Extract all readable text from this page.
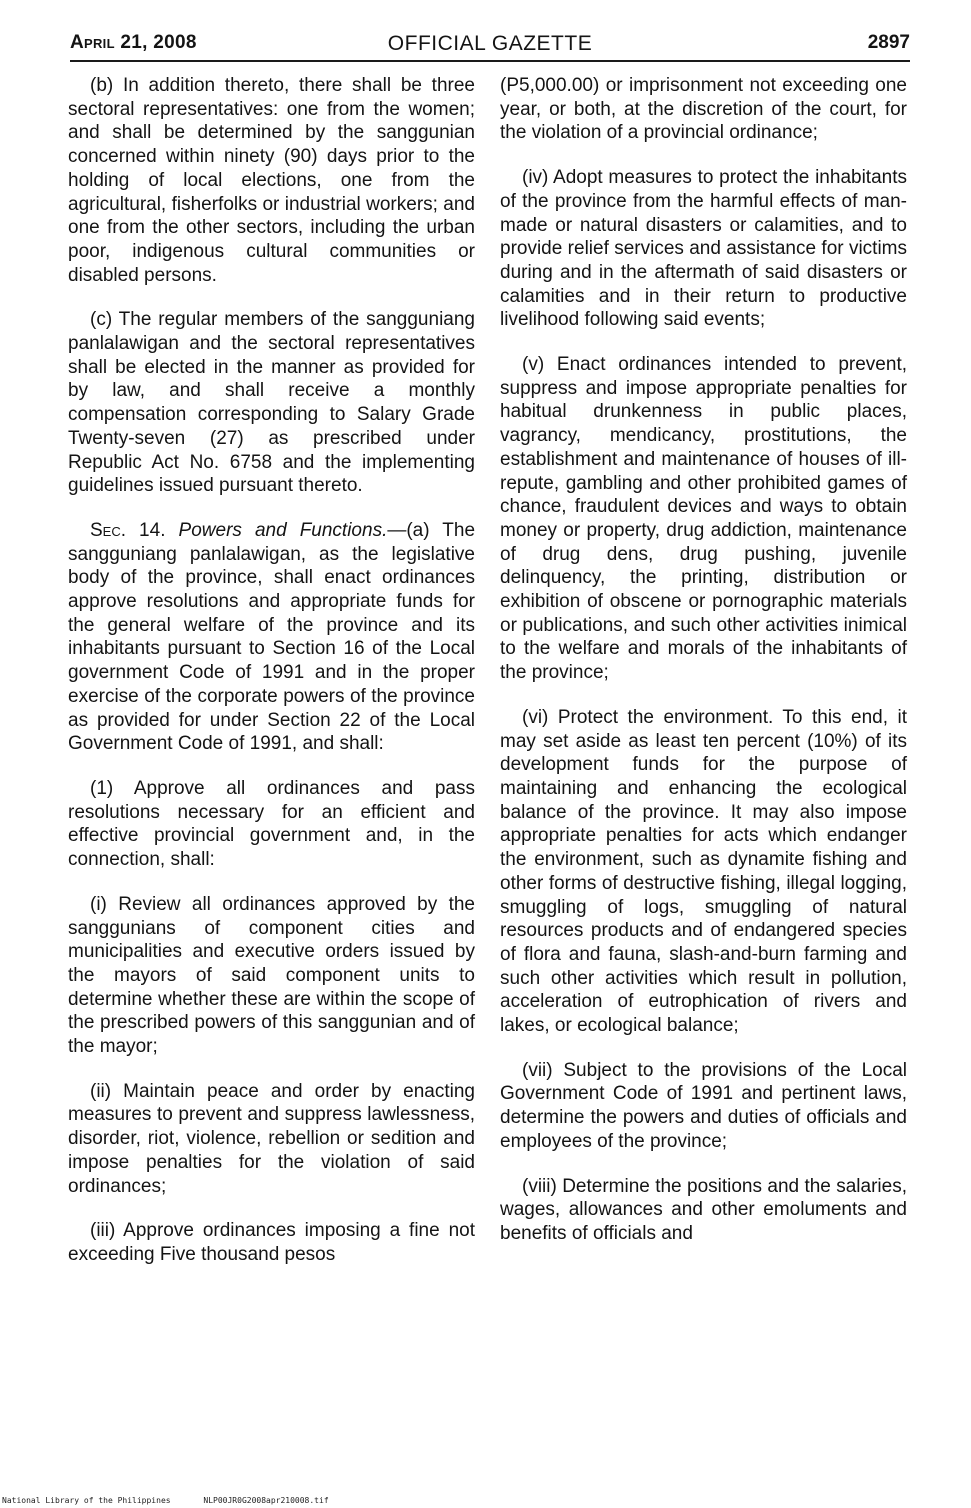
April 21, 2008	OFFICIAL GAZETTE	2897

(b) In addition thereto, there shall be three sectoral representatives: one from the women; and shall be determined by the sanggunian concerned within ninety (90) days prior to the holding of local elections, one from the agricultural, fisherfolks or industrial workers; and one from the other sectors, including the urban poor, indigenous cultural communities or disabled persons.

(c) The regular members of the sangguniang panlalawigan and the sectoral representatives shall be elected in the manner as provided for by law, and shall receive a monthly compensation corresponding to Salary Grade Twenty-seven (27) as prescribed under Republic Act No. 6758 and the implementing guidelines issued pursuant thereto.

Sec. 14. Powers and Functions.—(a) The sangguniang panlalawigan, as the legislative body of the province, shall enact ordinances approve resolutions and appropriate funds for the general welfare of the province and its inhabitants pursuant to Section 16 of the Local government Code of 1991 and in the proper exercise of the corporate powers of the province as provided for under Section 22 of the Local Government Code of 1991, and shall:

(1) Approve all ordinances and pass resolutions necessary for an efficient and effective provincial government and, in the connection, shall:

(i) Review all ordinances approved by the sanggunians of component cities and municipalities and executive orders issued by the mayors of said component units to determine whether these are within the scope of the prescribed powers of this sanggunian and of the mayor;

(ii) Maintain peace and order by enacting measures to prevent and suppress lawlessness, disorder, riot, violence, rebellion or sedition and impose penalties for the violation of said ordinances;

(iii) Approve ordinances imposing a fine not exceeding Five thousand pesos

(P5,000.00) or imprisonment not exceeding one year, or both, at the discretion of the court, for the violation of a provincial ordinance;

(iv) Adopt measures to protect the inhabitants of the province from the harmful effects of man-made or natural disasters or calamities, and to provide relief services and assistance for victims during and in the aftermath of said disasters or calamities and in their return to productive livelihood following said events;

(v) Enact ordinances intended to prevent, suppress and impose appropriate penalties for habitual drunkenness in public places, vagrancy, mendicancy, prostitutions, the establishment and maintenance of houses of ill-repute, gambling and other prohibited games of chance, fraudulent devices and ways to obtain money or property, drug addiction, maintenance of drug dens, drug pushing, juvenile delinquency, the printing, distribution or exhibition of obscene or pornographic materials or publications, and such other activities inimical to the welfare and morals of the inhabitants of the province;

(vi) Protect the environment. To this end, it may set aside as least ten percent (10%) of its development funds for the purpose of maintaining and enhancing the ecological balance of the province. It may also impose appropriate penalties for acts which endanger the environment, such as dynamite fishing and other forms of destructive fishing, illegal logging, smuggling of logs, smuggling of natural resources products and of endangered species of flora and fauna, slash-and-burn farming and such other activities which result in pollution, acceleration of eutrophication of rivers and lakes, or ecological balance;

(vii) Subject to the provisions of the Local Government Code of 1991 and pertinent laws, determine the powers and duties of officials and employees of the province;

(viii) Determine the positions and the salaries, wages, allowances and other emoluments and benefits of officials and

National Library of the Philippines	NLP00JR0G2008apr210008.tif
